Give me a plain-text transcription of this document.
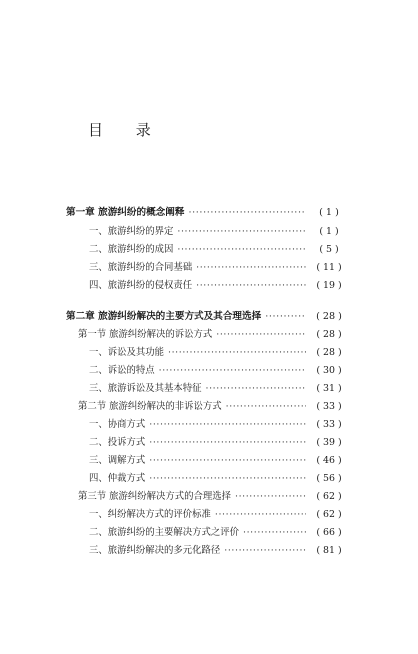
目 录
第一章 旅游纠纷的概念阐释 ·····	( 1 )
一、旅游纠纷的界定 ·····	( 1 )
二、旅游纠纷的成因 ·····	( 5 )
三、旅游纠纷的合同基础 ·····	( 11 )
四、旅游纠纷的侵权责任 ·····	( 19 )
第二章 旅游纠纷解决的主要方式及其合理选择 ·····	( 28 )
第一节 旅游纠纷解决的诉讼方式 ·····	( 28 )
一、诉讼及其功能 ·····	( 28 )
二、诉讼的特点 ·····	( 30 )
三、旅游诉讼及其基本特征 ·····	( 31 )
第二节 旅游纠纷解决的非诉讼方式 ·····	( 33 )
一、协商方式 ·····	( 33 )
二、投诉方式 ·····	( 39 )
三、调解方式 ·····	( 46 )
四、仲裁方式 ·····	( 56 )
第三节 旅游纠纷解决方式的合理选择 ·····	( 62 )
一、纠纷解决方式的评价标准 ·····	( 62 )
二、旅游纠纷的主要解决方式之评价 ·····	( 66 )
三、旅游纠纷解决的多元化路径 ·····	( 81 )
